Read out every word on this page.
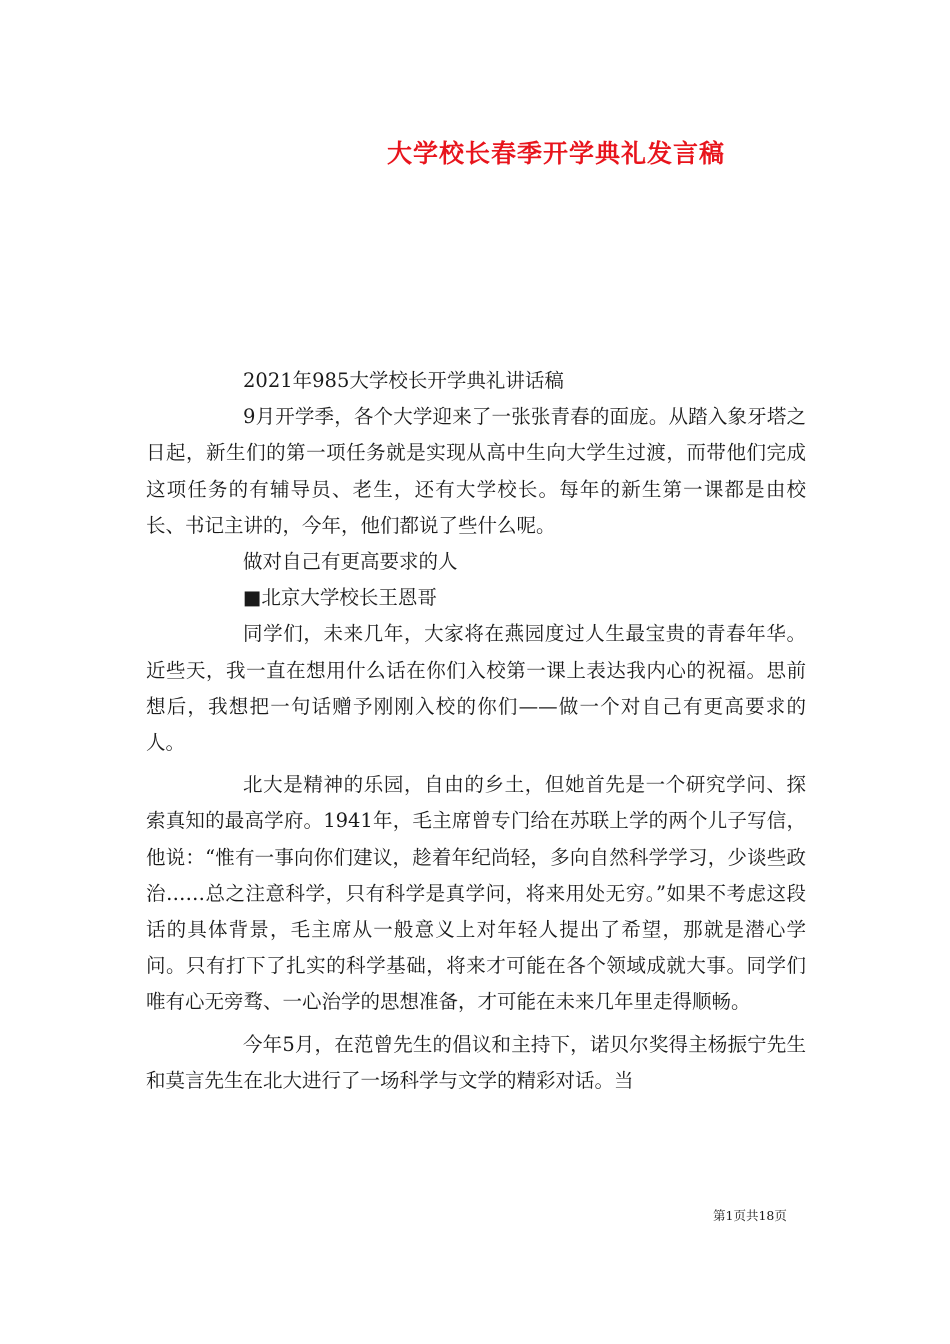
大学校长春季开学典礼发言稿

2021年985大学校长开学典礼讲话稿

9月开学季，各个大学迎来了一张张青春的面庞。从踏入象牙塔之日起，新生们的第一项任务就是实现从高中生向大学生过渡，而带他们完成这项任务的有辅导员、老生，还有大学校长。每年的新生第一课都是由校长、书记主讲的，今年，他们都说了些什么呢。

做对自己有更高要求的人

■北京大学校长王恩哥

同学们，未来几年，大家将在燕园度过人生最宝贵的青春年华。近些天，我一直在想用什么话在你们入校第一课上表达我内心的祝福。思前想后，我想把一句话赠予刚刚入校的你们——做一个对自己有更高要求的人。

北大是精神的乐园，自由的乡土，但她首先是一个研究学问、探索真知的最高学府。1941年，毛主席曾专门给在苏联上学的两个儿子写信，他说：“惟有一事向你们建议，趁着年纪尚轻，多向自然科学学习，少谈些政治……总之注意科学，只有科学是真学问，将来用处无穷。”如果不考虑这段话的具体背景，毛主席从一般意义上对年轻人提出了希望，那就是潜心学问。只有打下了扎实的科学基础，将来才可能在各个领域成就大事。同学们唯有心无旁骛、一心治学的思想准备，才可能在未来几年里走得顺畅。

今年5月，在范曾先生的倡议和主持下，诺贝尔奖得主杨振宁先生和莫言先生在北大进行了一场科学与文学的精彩对话。当

第1页共18页
